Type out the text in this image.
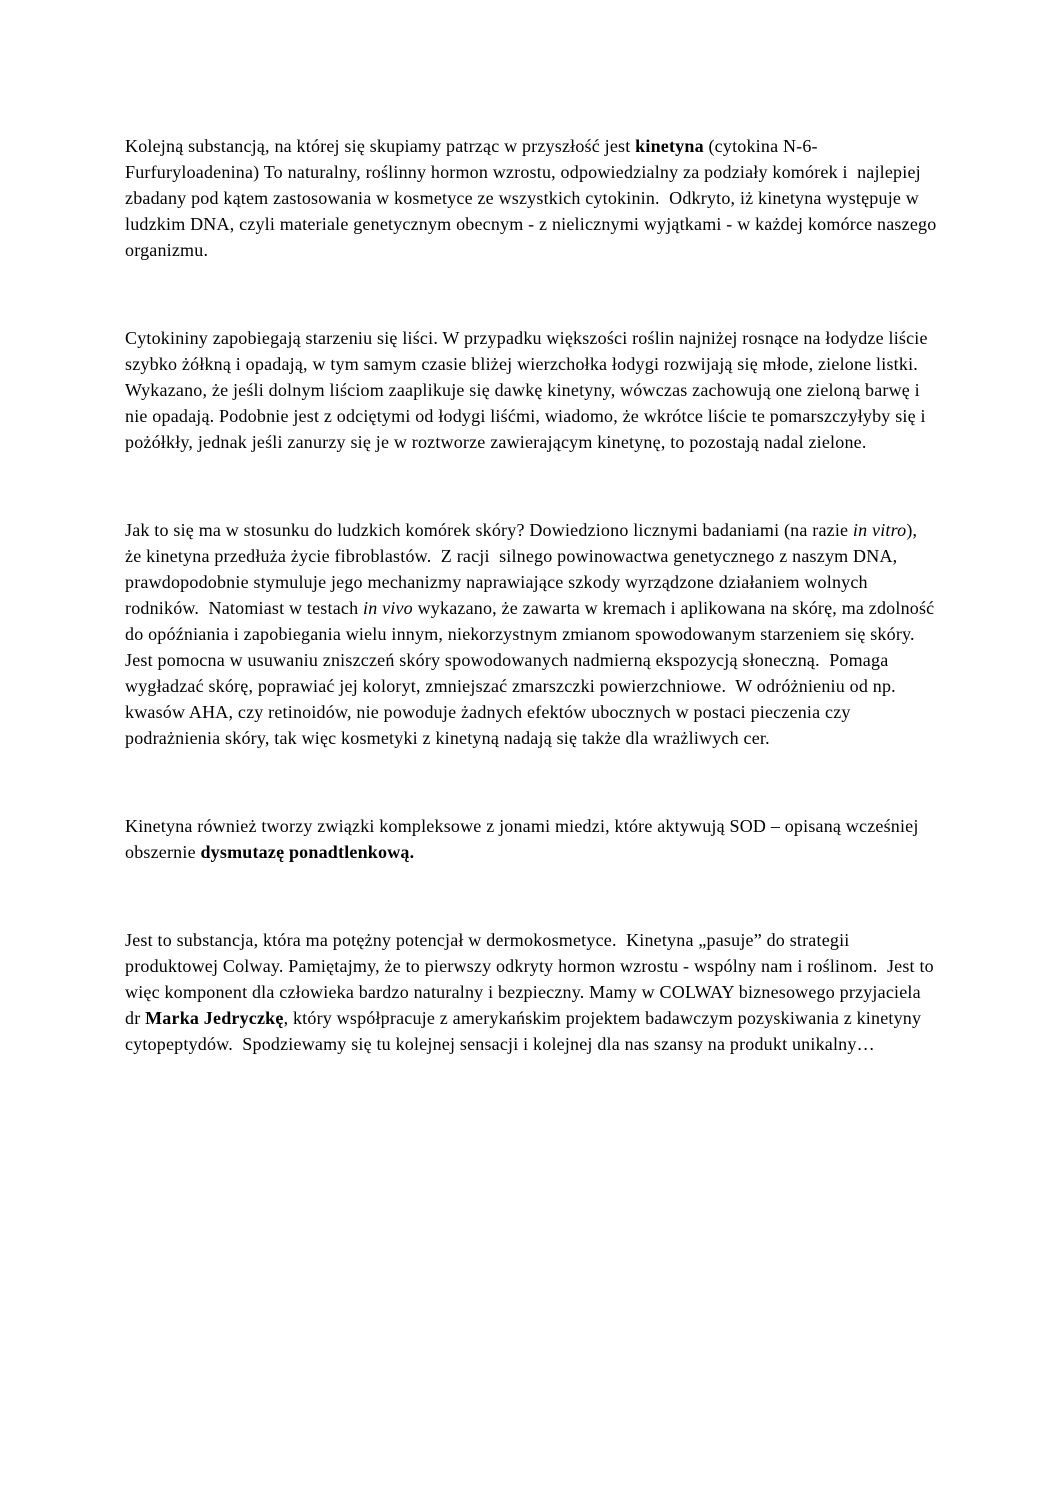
Kolejną substancją, na której się skupiamy patrząc w przyszłość jest kinetyna (cytokina N-6-Furfuryloadenina) To naturalny, roślinny hormon wzrostu, odpowiedzialny za podziały komórek i  najlepiej zbadany pod kątem zastosowania w kosmetyce ze wszystkich cytokinin.  Odkryto, iż kinetyna występuje w ludzkim DNA, czyli materiale genetycznym obecnym - z nielicznymi wyjątkami - w każdej komórce naszego organizmu.

Cytokininy zapobiegają starzeniu się liści. W przypadku większości roślin najniżej rosnące na łodydze liście szybko żółkną i opadają, w tym samym czasie bliżej wierzchołka łodygi rozwijają się młode, zielone listki. Wykazano, że jeśli dolnym liściom zaaplikuje się dawkę kinetyny, wówczas zachowują one zieloną barwę i nie opadają. Podobnie jest z odciętymi od łodygi liśćmi, wiadomo, że wkrótce liście te pomarszczyłyby się i pożółkły, jednak jeśli zanurzy się je w roztworze zawierającym kinetynę, to pozostają nadal zielone.

Jak to się ma w stosunku do ludzkich komórek skóry? Dowiedziono licznymi badaniami (na razie in vitro), że kinetyna przedłuża życie fibroblastów.  Z racji  silnego powinowactwa genetycznego z naszym DNA, prawdopodobnie stymuluje jego mechanizmy naprawiające szkody wyrządzone działaniem wolnych rodników.  Natomiast w testach in vivo wykazano, że zawarta w kremach i aplikowana na skórę, ma zdolność do opóźniania i zapobiegania wielu innym, niekorzystnym zmianom spowodowanym starzeniem się skóry. Jest pomocna w usuwaniu zniszczeń skóry spowodowanych nadmierną ekspozycją słoneczną.  Pomaga wygładzać skórę, poprawiać jej koloryt, zmniejszać zmarszczki powierzchniowe.  W odróżnieniu od np. kwasów AHA, czy retinoidów, nie powoduje żadnych efektów ubocznych w postaci pieczenia czy podrażnienia skóry, tak więc kosmetyki z kinetyną nadają się także dla wrażliwych cer.

Kinetyna również tworzy związki kompleksowe z jonami miedzi, które aktywują SOD – opisaną wcześniej obszernie dysmutazę ponadtlenkową.

Jest to substancja, która ma potężny potencjał w dermokosmetyce.  Kinetyna „pasuje” do strategii produktowej Colway. Pamiętajmy, że to pierwszy odkryty hormon wzrostu - wspólny nam i roślinom.  Jest to więc komponent dla człowieka bardzo naturalny i bezpieczny. Mamy w COLWAY biznesowego przyjaciela dr Marka Jedryczkę, który współpracuje z amerykańskim projektem badawczym pozyskiwania z kinetyny cytopeptydów.  Spodziewamy się tu kolejnej sensacji i kolejnej dla nas szansy na produkt unikalny…
